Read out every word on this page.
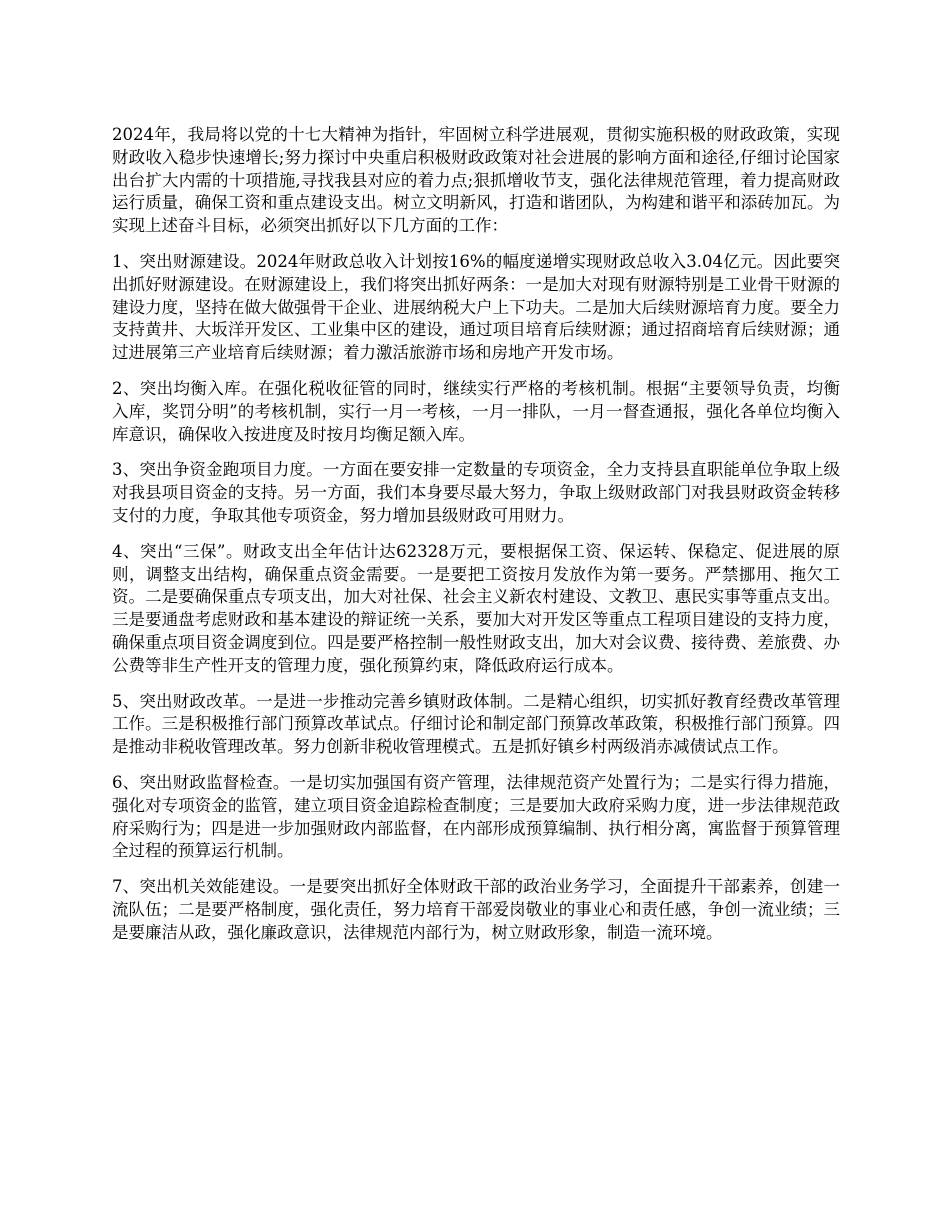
2024年，我局将以党的十七大精神为指针，牢固树立科学进展观，贯彻实施积极的财政政策，实现财政收入稳步快速增长;努力探讨中央重启积极财政政策对社会进展的影响方面和途径,仔细讨论国家出台扩大内需的十项措施,寻找我县对应的着力点;狠抓增收节支，强化法律规范管理，着力提高财政运行质量，确保工资和重点建设支出。树立文明新风，打造和谐团队，为构建和谐平和添砖加瓦。为实现上述奋斗目标，必须突出抓好以下几方面的工作：

1、突出财源建设。2024年财政总收入计划按16%的幅度递增实现财政总收入3.04亿元。因此要突出抓好财源建设。在财源建设上，我们将突出抓好两条：一是加大对现有财源特别是工业骨干财源的建设力度，坚持在做大做强骨干企业、进展纳税大户上下功夫。二是加大后续财源培育力度。要全力支持黄井、大坂洋开发区、工业集中区的建设，通过项目培育后续财源；通过招商培育后续财源；通过进展第三产业培育后续财源；着力激活旅游市场和房地产开发市场。

2、突出均衡入库。在强化税收征管的同时，继续实行严格的考核机制。根据“主要领导负责，均衡入库，奖罚分明”的考核机制，实行一月一考核，一月一排队，一月一督查通报，强化各单位均衡入库意识，确保收入按进度及时按月均衡足额入库。

3、突出争资金跑项目力度。一方面在要安排一定数量的专项资金，全力支持县直职能单位争取上级对我县项目资金的支持。另一方面，我们本身要尽最大努力，争取上级财政部门对我县财政资金转移支付的力度，争取其他专项资金，努力增加县级财政可用财力。

4、突出“三保”。财政支出全年估计达62328万元，要根据保工资、保运转、保稳定、促进展的原则，调整支出结构，确保重点资金需要。一是要把工资按月发放作为第一要务。严禁挪用、拖欠工资。二是要确保重点专项支出，加大对社保、社会主义新农村建设、文教卫、惠民实事等重点支出。三是要通盘考虑财政和基本建设的辩证统一关系，要加大对开发区等重点工程项目建设的支持力度，确保重点项目资金调度到位。四是要严格控制一般性财政支出，加大对会议费、接待费、差旅费、办公费等非生产性开支的管理力度，强化预算约束，降低政府运行成本。

5、突出财政改革。一是进一步推动完善乡镇财政体制。二是精心组织，切实抓好教育经费改革管理工作。三是积极推行部门预算改革试点。仔细讨论和制定部门预算改革政策，积极推行部门预算。四是推动非税收管理改革。努力创新非税收管理模式。五是抓好镇乡村两级消赤减债试点工作。

6、突出财政监督检查。一是切实加强国有资产管理，法律规范资产处置行为；二是实行得力措施，强化对专项资金的监管，建立项目资金追踪检查制度；三是要加大政府采购力度，进一步法律规范政府采购行为；四是进一步加强财政内部监督，在内部形成预算编制、执行相分离，寓监督于预算管理全过程的预算运行机制。

7、突出机关效能建设。一是要突出抓好全体财政干部的政治业务学习，全面提升干部素养，创建一流队伍；二是要严格制度，强化责任，努力培育干部爱岗敬业的事业心和责任感，争创一流业绩；三是要廉洁从政，强化廉政意识，法律规范内部行为，树立财政形象，制造一流环境。
